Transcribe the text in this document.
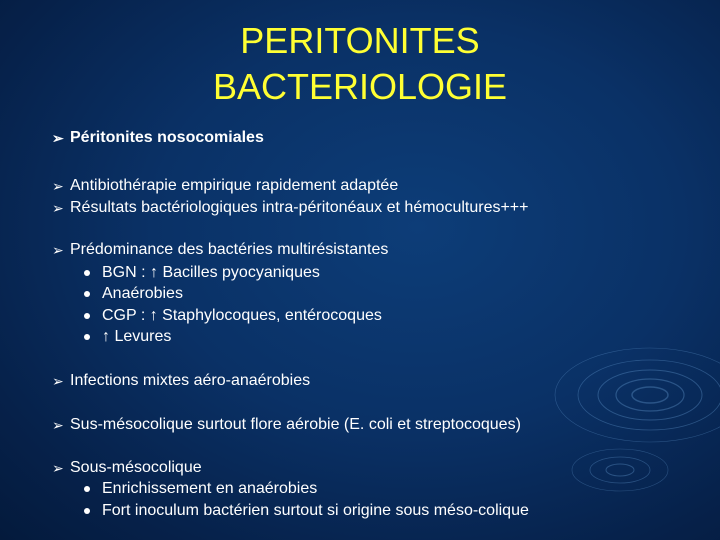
PERITONITES
BACTERIOLOGIE
➢ Péritonites nosocomiales
➢ Antibiothérapie empirique rapidement adaptée
➢ Résultats bactériologiques intra-péritonéaux et hémocultures+++
➢ Prédominance des bactéries multirésistantes
BGN : ↑ Bacilles pyocyaniques
Anaérobies
CGP : ↑ Staphylocoques, entérocoques
↑ Levures
➢ Infections mixtes aéro-anaérobies
➢ Sus-mésocolique surtout flore aérobie (E. coli et streptocoques)
➢ Sous-mésocolique
Enrichissement en anaérobies
Fort inoculum bactérien surtout si origine sous méso-colique
